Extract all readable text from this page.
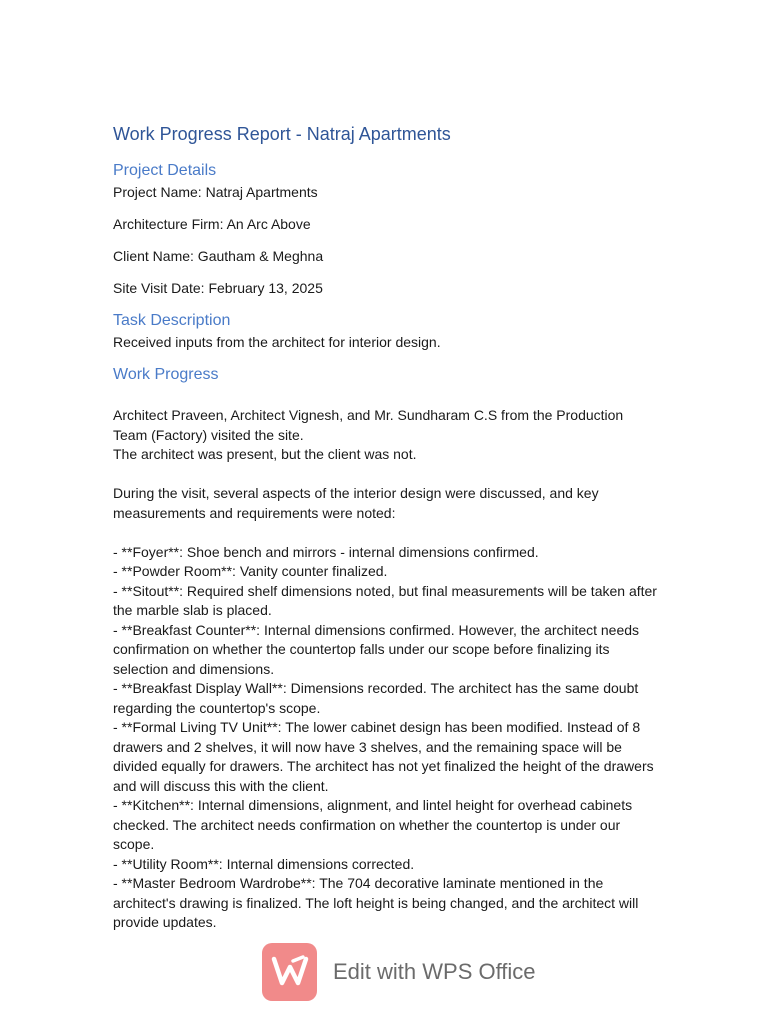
Work Progress Report - Natraj Apartments
Project Details

Project Name: Natraj Apartments

Architecture Firm: An Arc Above

Client Name: Gautham & Meghna

Site Visit Date: February 13, 2025

Task Description

Received inputs from the architect for interior design.

Work Progress

Architect Praveen, Architect Vignesh, and Mr. Sundharam C.S from the Production Team (Factory) visited the site.

The architect was present, but the client was not.

During the visit, several aspects of the interior design were discussed, and key measurements and requirements were noted:

- **Foyer**: Shoe bench and mirrors - internal dimensions confirmed.

- **Powder Room**: Vanity counter finalized.

- **Sitout**: Required shelf dimensions noted, but final measurements will be taken after the marble slab is placed.

- **Breakfast Counter**: Internal dimensions confirmed. However, the architect needs confirmation on whether the countertop falls under our scope before finalizing its selection and dimensions.

- **Breakfast Display Wall**: Dimensions recorded. The architect has the same doubt regarding the countertop's scope.

- **Formal Living TV Unit**: The lower cabinet design has been modified. Instead of 8 drawers and 2 shelves, it will now have 3 shelves, and the remaining space will be divided equally for drawers. The architect has not yet finalized the height of the drawers and will discuss this with the client.

- **Kitchen**: Internal dimensions, alignment, and lintel height for overhead cabinets checked. The architect needs confirmation on whether the countertop is under our scope.

- **Utility Room**: Internal dimensions corrected.

- **Master Bedroom Wardrobe**: The 704 decorative laminate mentioned in the architect's drawing is finalized. The loft height is being changed, and the architect will provide updates.

Edit with WPS Office
